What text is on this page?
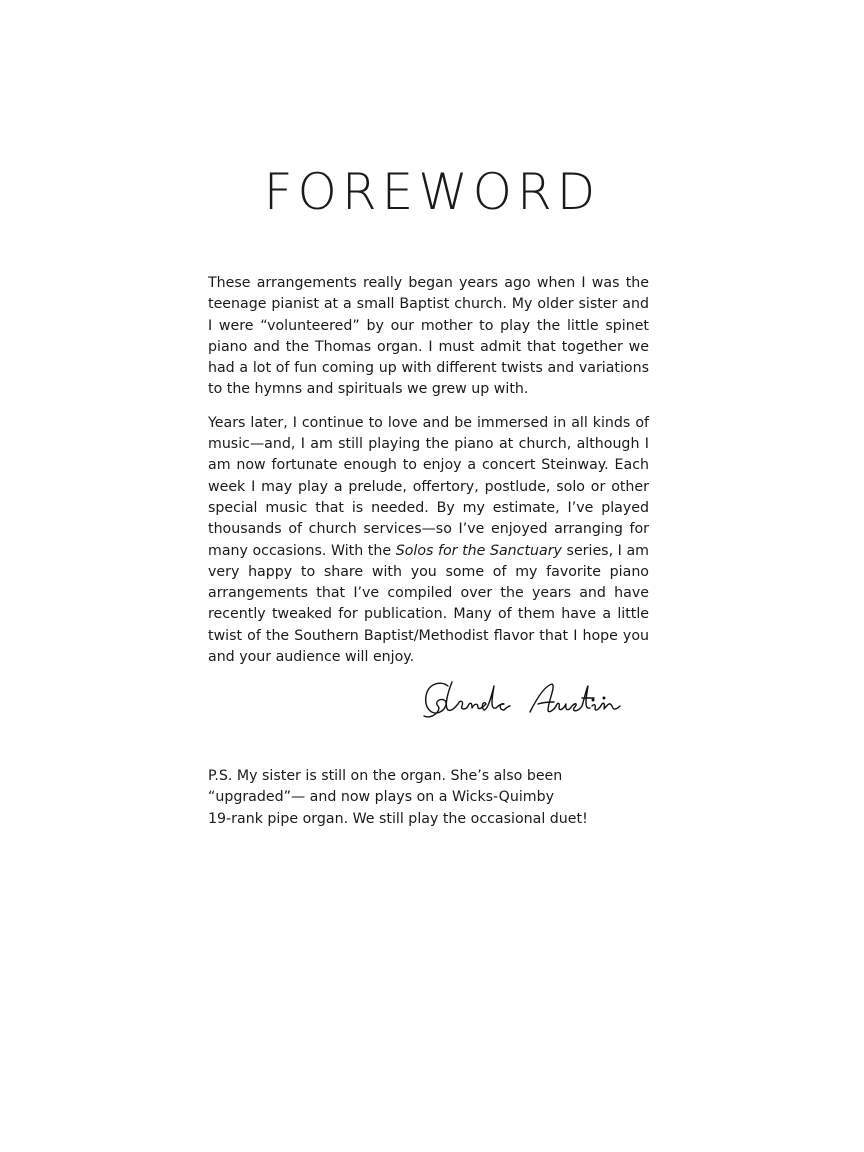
FOREWORD

These arrangements really began years ago when I was the teenage pianist at a small Baptist church. My older sister and I were “volunteered” by our mother to play the little spinet piano and the Thomas organ. I must admit that together we had a lot of fun coming up with different twists and variations to the hymns and spirituals we grew up with.

Years later, I continue to love and be immersed in all kinds of music—and, I am still playing the piano at church, although I am now fortunate enough to enjoy a concert Steinway. Each week I may play a prelude, offertory, postlude, solo or other special music that is needed. By my estimate, I’ve played thousands of church services—so I’ve enjoyed arranging for many occasions. With the Solos for the Sanctuary series, I am very happy to share with you some of my favorite piano arrangements that I’ve compiled over the years and have recently tweaked for publication. Many of them have a little twist of the Southern Baptist/Methodist flavor that I hope you and your audience will enjoy.

P.S. My sister is still on the organ. She’s also been
“upgraded”— and now plays on a Wicks-Quimby
19-rank pipe organ. We still play the occasional duet!
